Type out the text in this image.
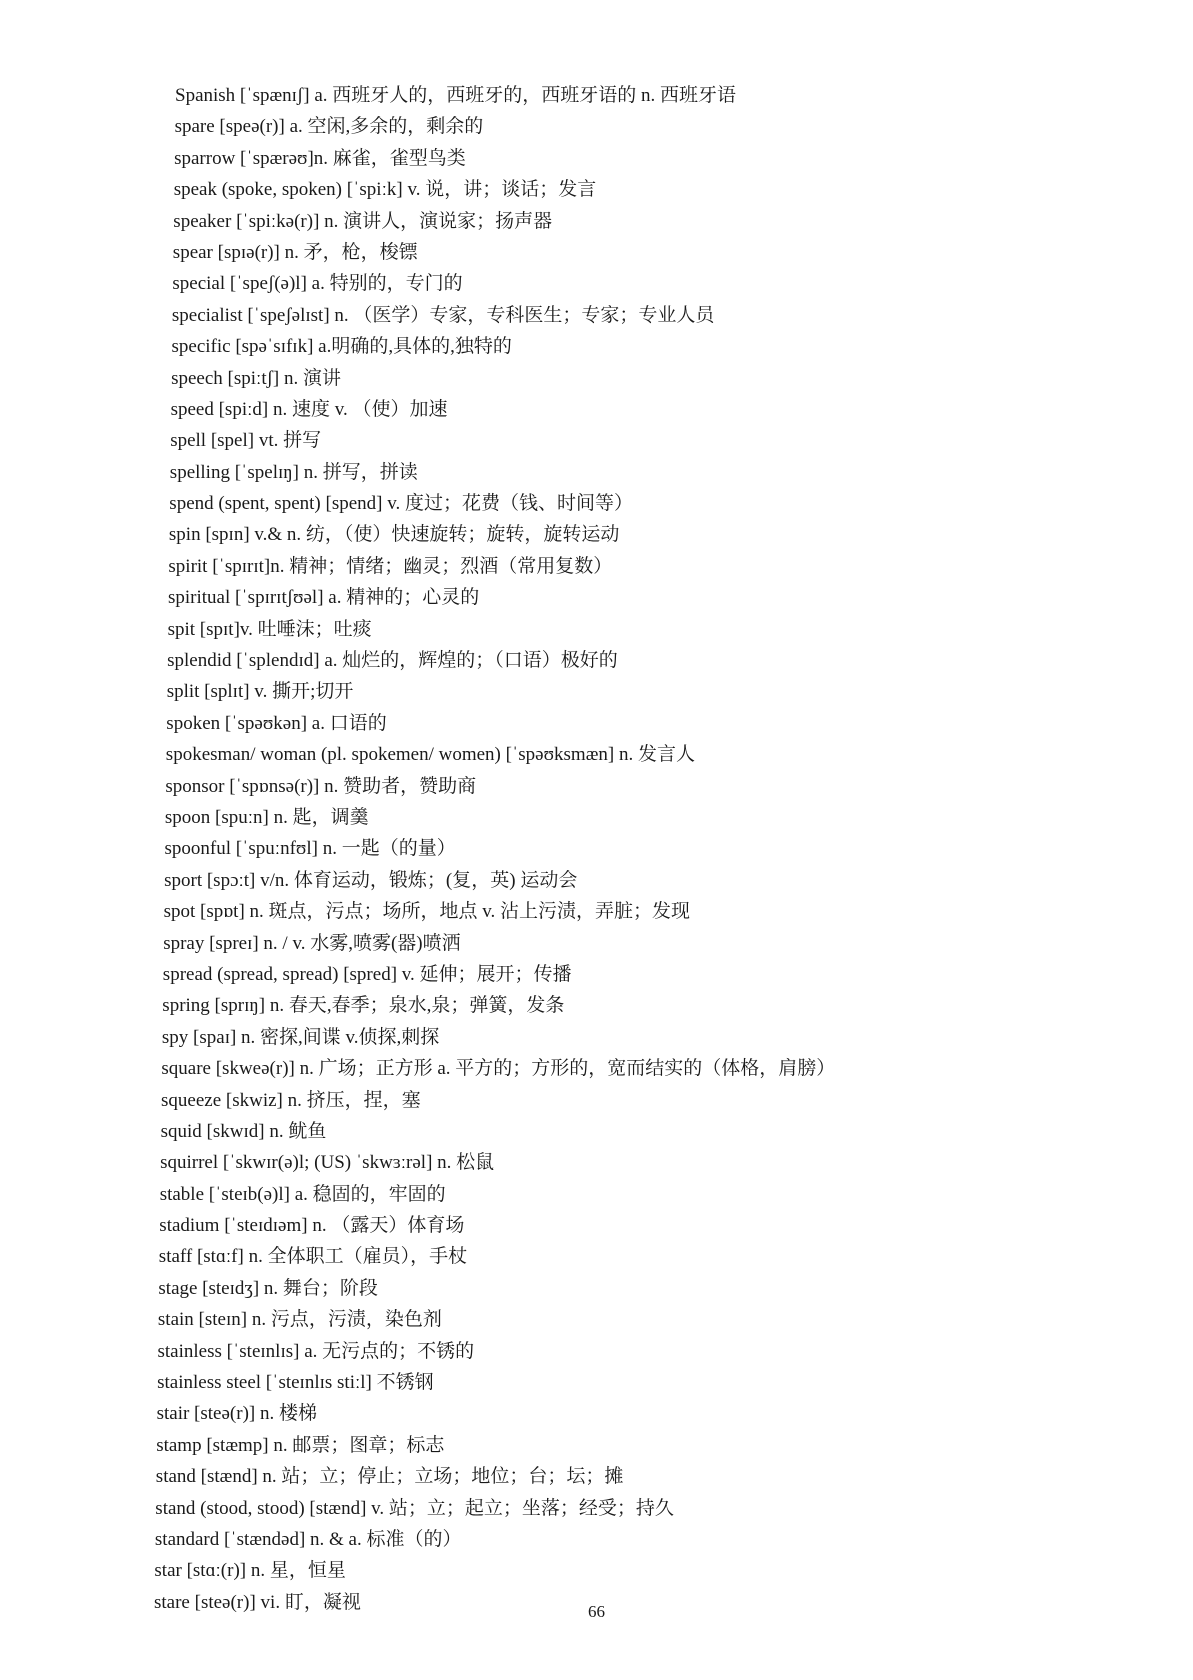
Spanish [ˈspænɪʃ] a. 西班牙人的，西班牙的，西班牙语的 n. 西班牙语
spare [speə(r)] a. 空闲,多余的，剩余的
sparrow [ˈspærəʊ]n. 麻雀，雀型鸟类
speak (spoke, spoken) [ˈspiːk] v. 说，讲；谈话；发言
speaker [ˈspiːkə(r)] n. 演讲人，演说家；扬声器
spear [spɪə(r)] n. 矛，枪，梭镖
special [ˈspeʃ(ə)l] a. 特别的，专门的
specialist [ˈspeʃəlɪst] n. （医学）专家，专科医生；专家；专业人员
specific [spəˈsɪfɪk] a.明确的,具体的,独特的
speech [spiːtʃ] n. 演讲
speed [spiːd] n. 速度 v. （使）加速
spell [spel] vt. 拼写
spelling [ˈspelɪŋ] n. 拼写，拼读
spend (spent, spent) [spend] v. 度过；花费（钱、时间等）
spin [spɪn] v.& n. 纺，（使）快速旋转；旋转，旋转运动
spirit [ˈspɪrɪt]n. 精神；情绪；幽灵；烈酒（常用复数）
spiritual [ˈspɪrɪtʃʊəl] a. 精神的；心灵的
spit [spɪt]v. 吐唾沫；吐痰
splendid [ˈsplendɪd] a. 灿烂的，辉煌的；（口语）极好的
split [splɪt] v. 撕开;切开
spoken [ˈspəʊkən] a. 口语的
spokesman/ woman (pl. spokemen/ women) [ˈspəʊksmæn] n. 发言人
sponsor [ˈspɒnsə(r)] n. 赞助者，赞助商
spoon [spuːn] n. 匙，调羹
spoonful [ˈspuːnfʊl] n. 一匙（的量）
sport [spɔːt] v/n. 体育运动，锻炼；(复，英) 运动会
spot [spɒt] n. 斑点，污点；场所，地点 v. 沾上污渍，弄脏；发现
spray [spreɪ] n. / v. 水雾,喷雾(器)喷洒
spread (spread, spread) [spred] v. 延伸；展开；传播
spring [sprɪŋ] n. 春天,春季；泉水,泉；弹簧，发条
spy [spaɪ] n. 密探,间谍 v.侦探,刺探
square [skweə(r)] n. 广场；正方形 a. 平方的；方形的，宽而结实的（体格，肩膀）
squeeze [skwiz] n. 挤压，捏，塞
squid [skwɪd] n. 鱿鱼
squirrel [ˈskwɪr(ə)l; (US) ˈskwɜːrəl] n. 松鼠
stable [ˈsteɪb(ə)l] a. 稳固的，牢固的
stadium [ˈsteɪdɪəm] n. （露天）体育场
staff [stɑːf] n. 全体职工（雇员），手杖
stage [steɪdʒ] n. 舞台；阶段
stain [steɪn] n. 污点，污渍，染色剂
stainless [ˈsteɪnlɪs] a. 无污点的；不锈的
stainless steel [ˈsteɪnlɪs stiːl] 不锈钢
stair [steə(r)] n. 楼梯
stamp [stæmp] n. 邮票；图章；标志
stand [stænd] n. 站；立；停止；立场；地位；台；坛；摊
stand (stood, stood) [stænd] v. 站；立；起立；坐落；经受；持久
standard [ˈstændəd] n. & a. 标准（的）
star [stɑː(r)] n. 星，恒星
stare [steə(r)] vi. 盯，凝视	66
